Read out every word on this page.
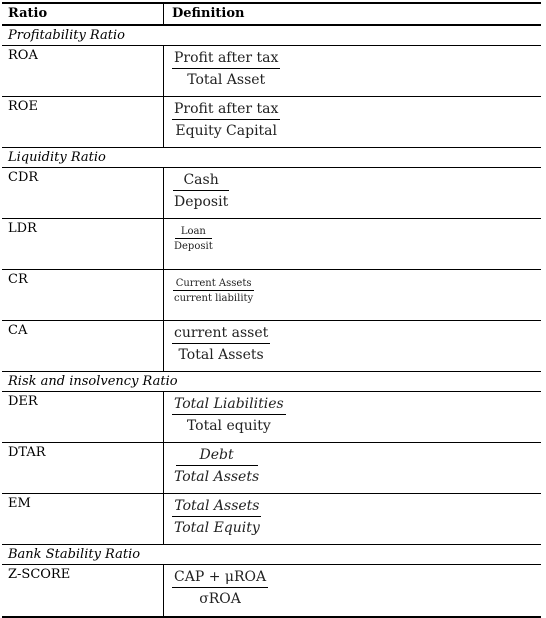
Ratio	Definition
Profitability Ratio
ROA	Profit after tax
Total Asset
ROE	Profit after tax
Equity Capital
Liquidity Ratio
CDR	Cash
Deposit
LDR	Loan
Deposit
CR	Current Assets
current liability
CA	current asset
Total Assets
Risk and insolvency Ratio
DER	Total Liabilities
Total equity
DTAR	Debt
Total Assets
EM	Total Assets
Total Equity
Bank Stability Ratio
Z-SCORE	CAP + μROA
σROA
